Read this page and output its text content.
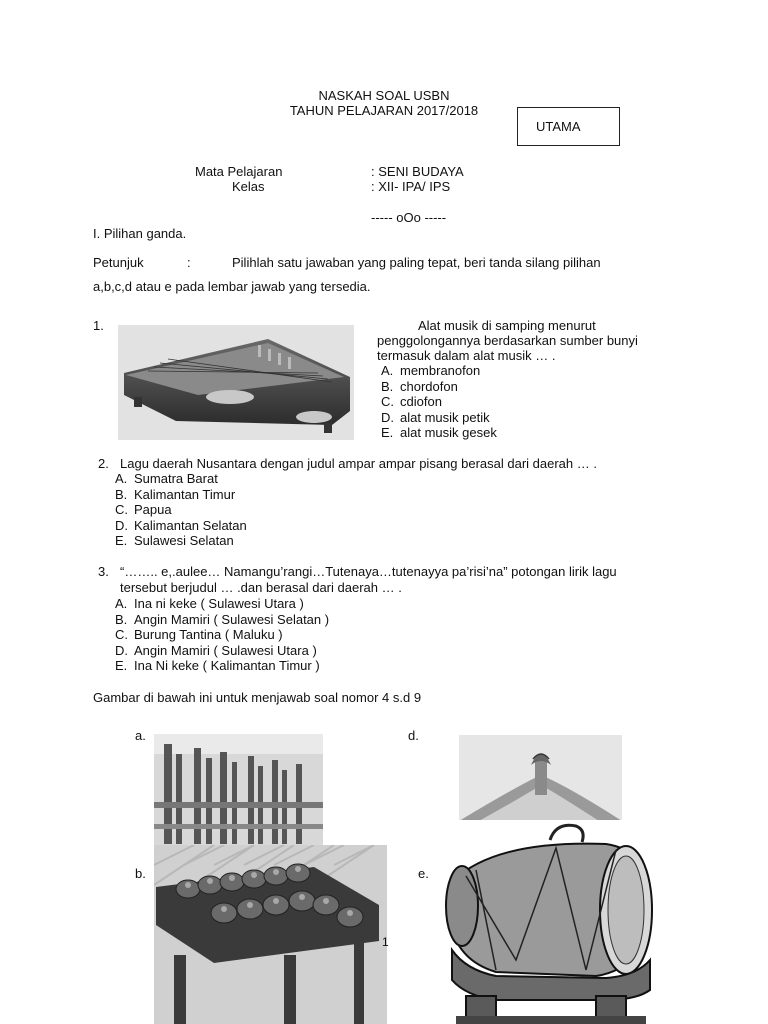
NASKAH SOAL USBN
TAHUN PELAJARAN 2017/2018
UTAMA
Mata Pelajaran	: SENI BUDAYA
Kelas	: XII- IPA/ IPS
----- oOo -----
I. Pilihan ganda.
Petunjuk	:	Pilihlah satu jawaban yang paling tepat, beri tanda silang pilihan
a,b,c,d atau e pada lembar jawab yang tersedia.
1.	Alat musik di samping menurut
penggolongannya berdasarkan sumber bunyi
termasuk dalam alat musik … .
A. membranofon
B. chordofon
C. cdiofon
D. alat musik petik
E. alat musik gesek
2. Lagu daerah Nusantara dengan judul ampar ampar pisang berasal dari daerah … .
A. Sumatra Barat
B. Kalimantan Timur
C. Papua
D. Kalimantan Selatan
E. Sulawesi Selatan
3. “…….. e,.aulee… Namangu’rangi…Tutenaya…tutenayya pa’risi’na” potongan lirik lagu
tersebut berjudul … .dan berasal dari daerah … .
A. Ina ni keke ( Sulawesi Utara )
B. Angin Mamiri ( Sulawesi Selatan )
C. Burung Tantina ( Maluku )
D. Angin Mamiri ( Sulawesi Utara )
E. Ina Ni keke ( Kalimantan Timur )
Gambar di bawah ini untuk menjawab soal nomor 4 s.d 9
a.	d.
b.
1
e.
